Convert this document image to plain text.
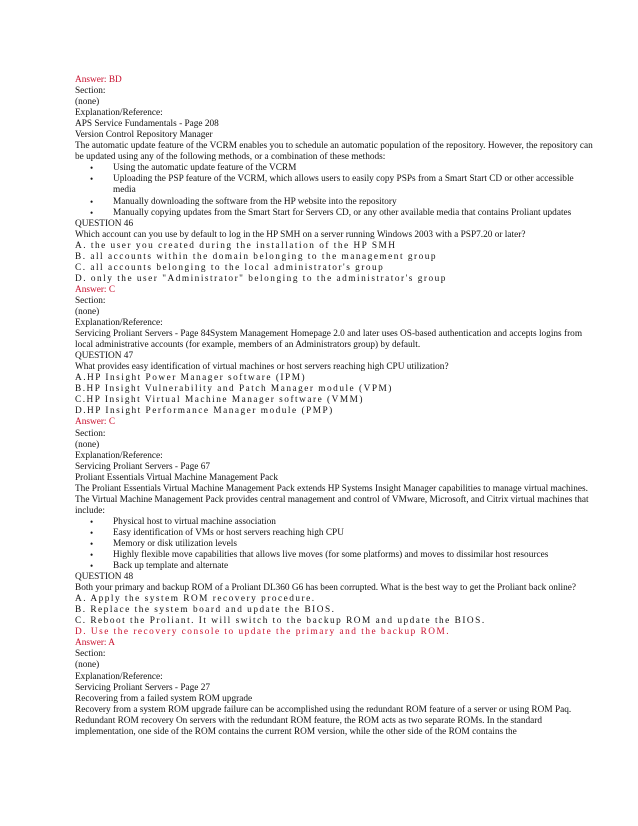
Answer: BD
Section:
(none)
Explanation/Reference:
APS Service Fundamentals - Page 208
Version Control Repository Manager
The automatic update feature of the VCRM enables you to schedule an automatic population of the repository. However, the repository can be updated using any of the following methods, or a combination of these methods:
• Using the automatic update feature of the VCRM
• Uploading the PSP feature of the VCRM, which allows users to easily copy PSPs from a Smart Start CD or other accessible media
• Manually downloading the software from the HP website into the repository
• Manually copying updates from the Smart Start for Servers CD, or any other available media that contains Proliant updates
QUESTION 46
Which account can you use by default to log in the HP SMH on a server running Windows 2003 with a PSP7.20 or later?
A. the user you created during the installation of the HP SMH
B. all accounts within the domain belonging to the management group
C. all accounts belonging to the local administrator's group
D. only the user "Administrator" belonging to the administrator's group
Answer: C
Section:
(none)
Explanation/Reference:
Servicing Proliant Servers - Page 84System Management Homepage 2.0 and later uses OS-based authentication and accepts logins from local administrative accounts (for example, members of an Administrators group) by default.
QUESTION 47
What provides easy identification of virtual machines or host servers reaching high CPU utilization?
A.HP Insight Power Manager software (IPM)
B.HP Insight Vulnerability and Patch Manager module (VPM)
C.HP Insight Virtual Machine Manager software (VMM)
D.HP Insight Performance Manager module (PMP)
Answer: C
Section:
(none)
Explanation/Reference:
Servicing Proliant Servers - Page 67
Proliant Essentials Virtual Machine Management Pack
The Proliant Essentials Virtual Machine Management Pack extends HP Systems Insight Manager capabilities to manage virtual machines. The Virtual Machine Management Pack provides central management and control of VMware, Microsoft, and Citrix virtual machines that include:
• Physical host to virtual machine association
• Easy identification of VMs or host servers reaching high CPU
• Memory or disk utilization levels
• Highly flexible move capabilities that allows live moves (for some platforms) and moves to dissimilar host resources
• Back up template and alternate
QUESTION 48
Both your primary and backup ROM of a Proliant DL360 G6 has been corrupted. What is the best way to get the Proliant back online?
A. Apply the system ROM recovery procedure.
B. Replace the system board and update the BIOS.
C. Reboot the Proliant. It will switch to the backup ROM and update the BIOS.
D. Use the recovery console to update the primary and the backup ROM.
Answer: A
Section:
(none)
Explanation/Reference:
Servicing Proliant Servers - Page 27
Recovering from a failed system ROM upgrade
Recovery from a system ROM upgrade failure can be accomplished using the redundant ROM feature of a server or using ROM Paq. Redundant ROM recovery On servers with the redundant ROM feature, the ROM acts as two separate ROMs. In the standard implementation, one side of the ROM contains the current ROM version, while the other side of the ROM contains the
